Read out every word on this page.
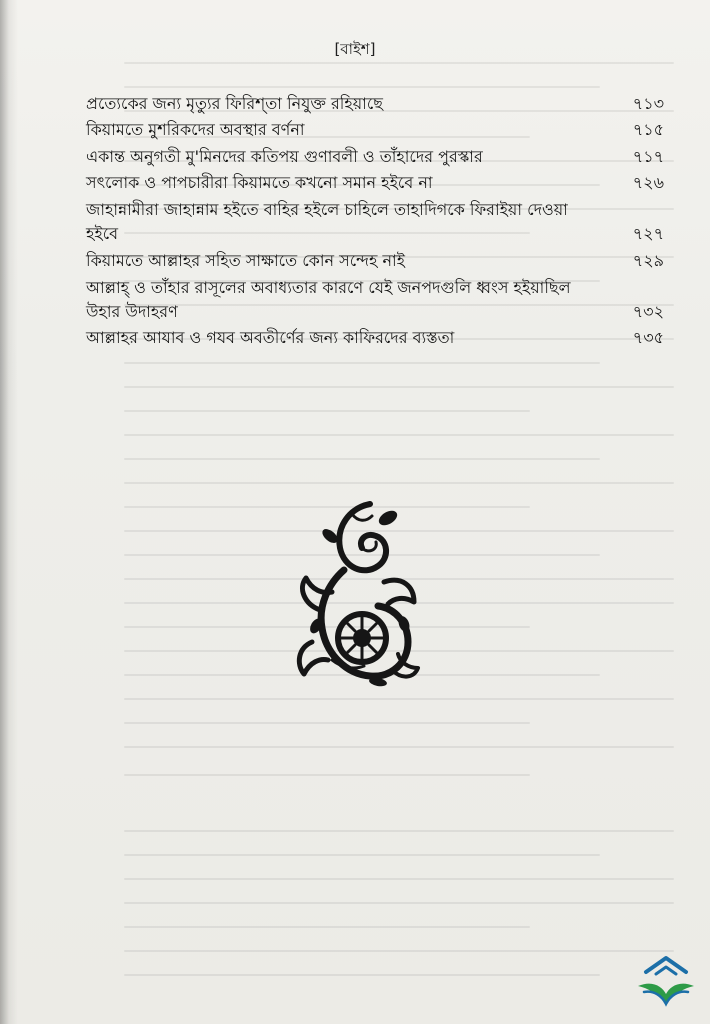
[বাইশ]
প্রত্যেকের জন্য মৃত্যুর ফিরিশ্‌তা নিযুক্ত রহিয়াছে	৭১৩
কিয়ামতে মুশরিকদের অবস্থার বর্ণনা	৭১৫
একান্ত অনুগতী মু'মিনদের কতিপয় গুণাবলী ও তাঁহাদের পুরস্কার	৭১৭
সৎলোক ও পাপচারীরা কিয়ামতে কখনো সমান হইবে না	৭২৬
জাহান্নামীরা জাহান্নাম হইতে বাহির হইলে চাহিলে তাহাদিগকে ফিরাইয়া দেওয়া হইবে	৭২৭
কিয়ামতে আল্লাহর সহিত সাক্ষাতে কোন সন্দেহ নাই	৭২৯
আল্লাহ্ ও তাঁহার রাসূলের অবাধ্যতার কারণে যেই জনপদগুলি ধ্বংস হইয়াছিল উহার উদাহরণ	৭৩২
আল্লাহর আযাব ও গযব অবতীর্ণের জন্য কাফিরদের ব্যস্ততা	৭৩৫
